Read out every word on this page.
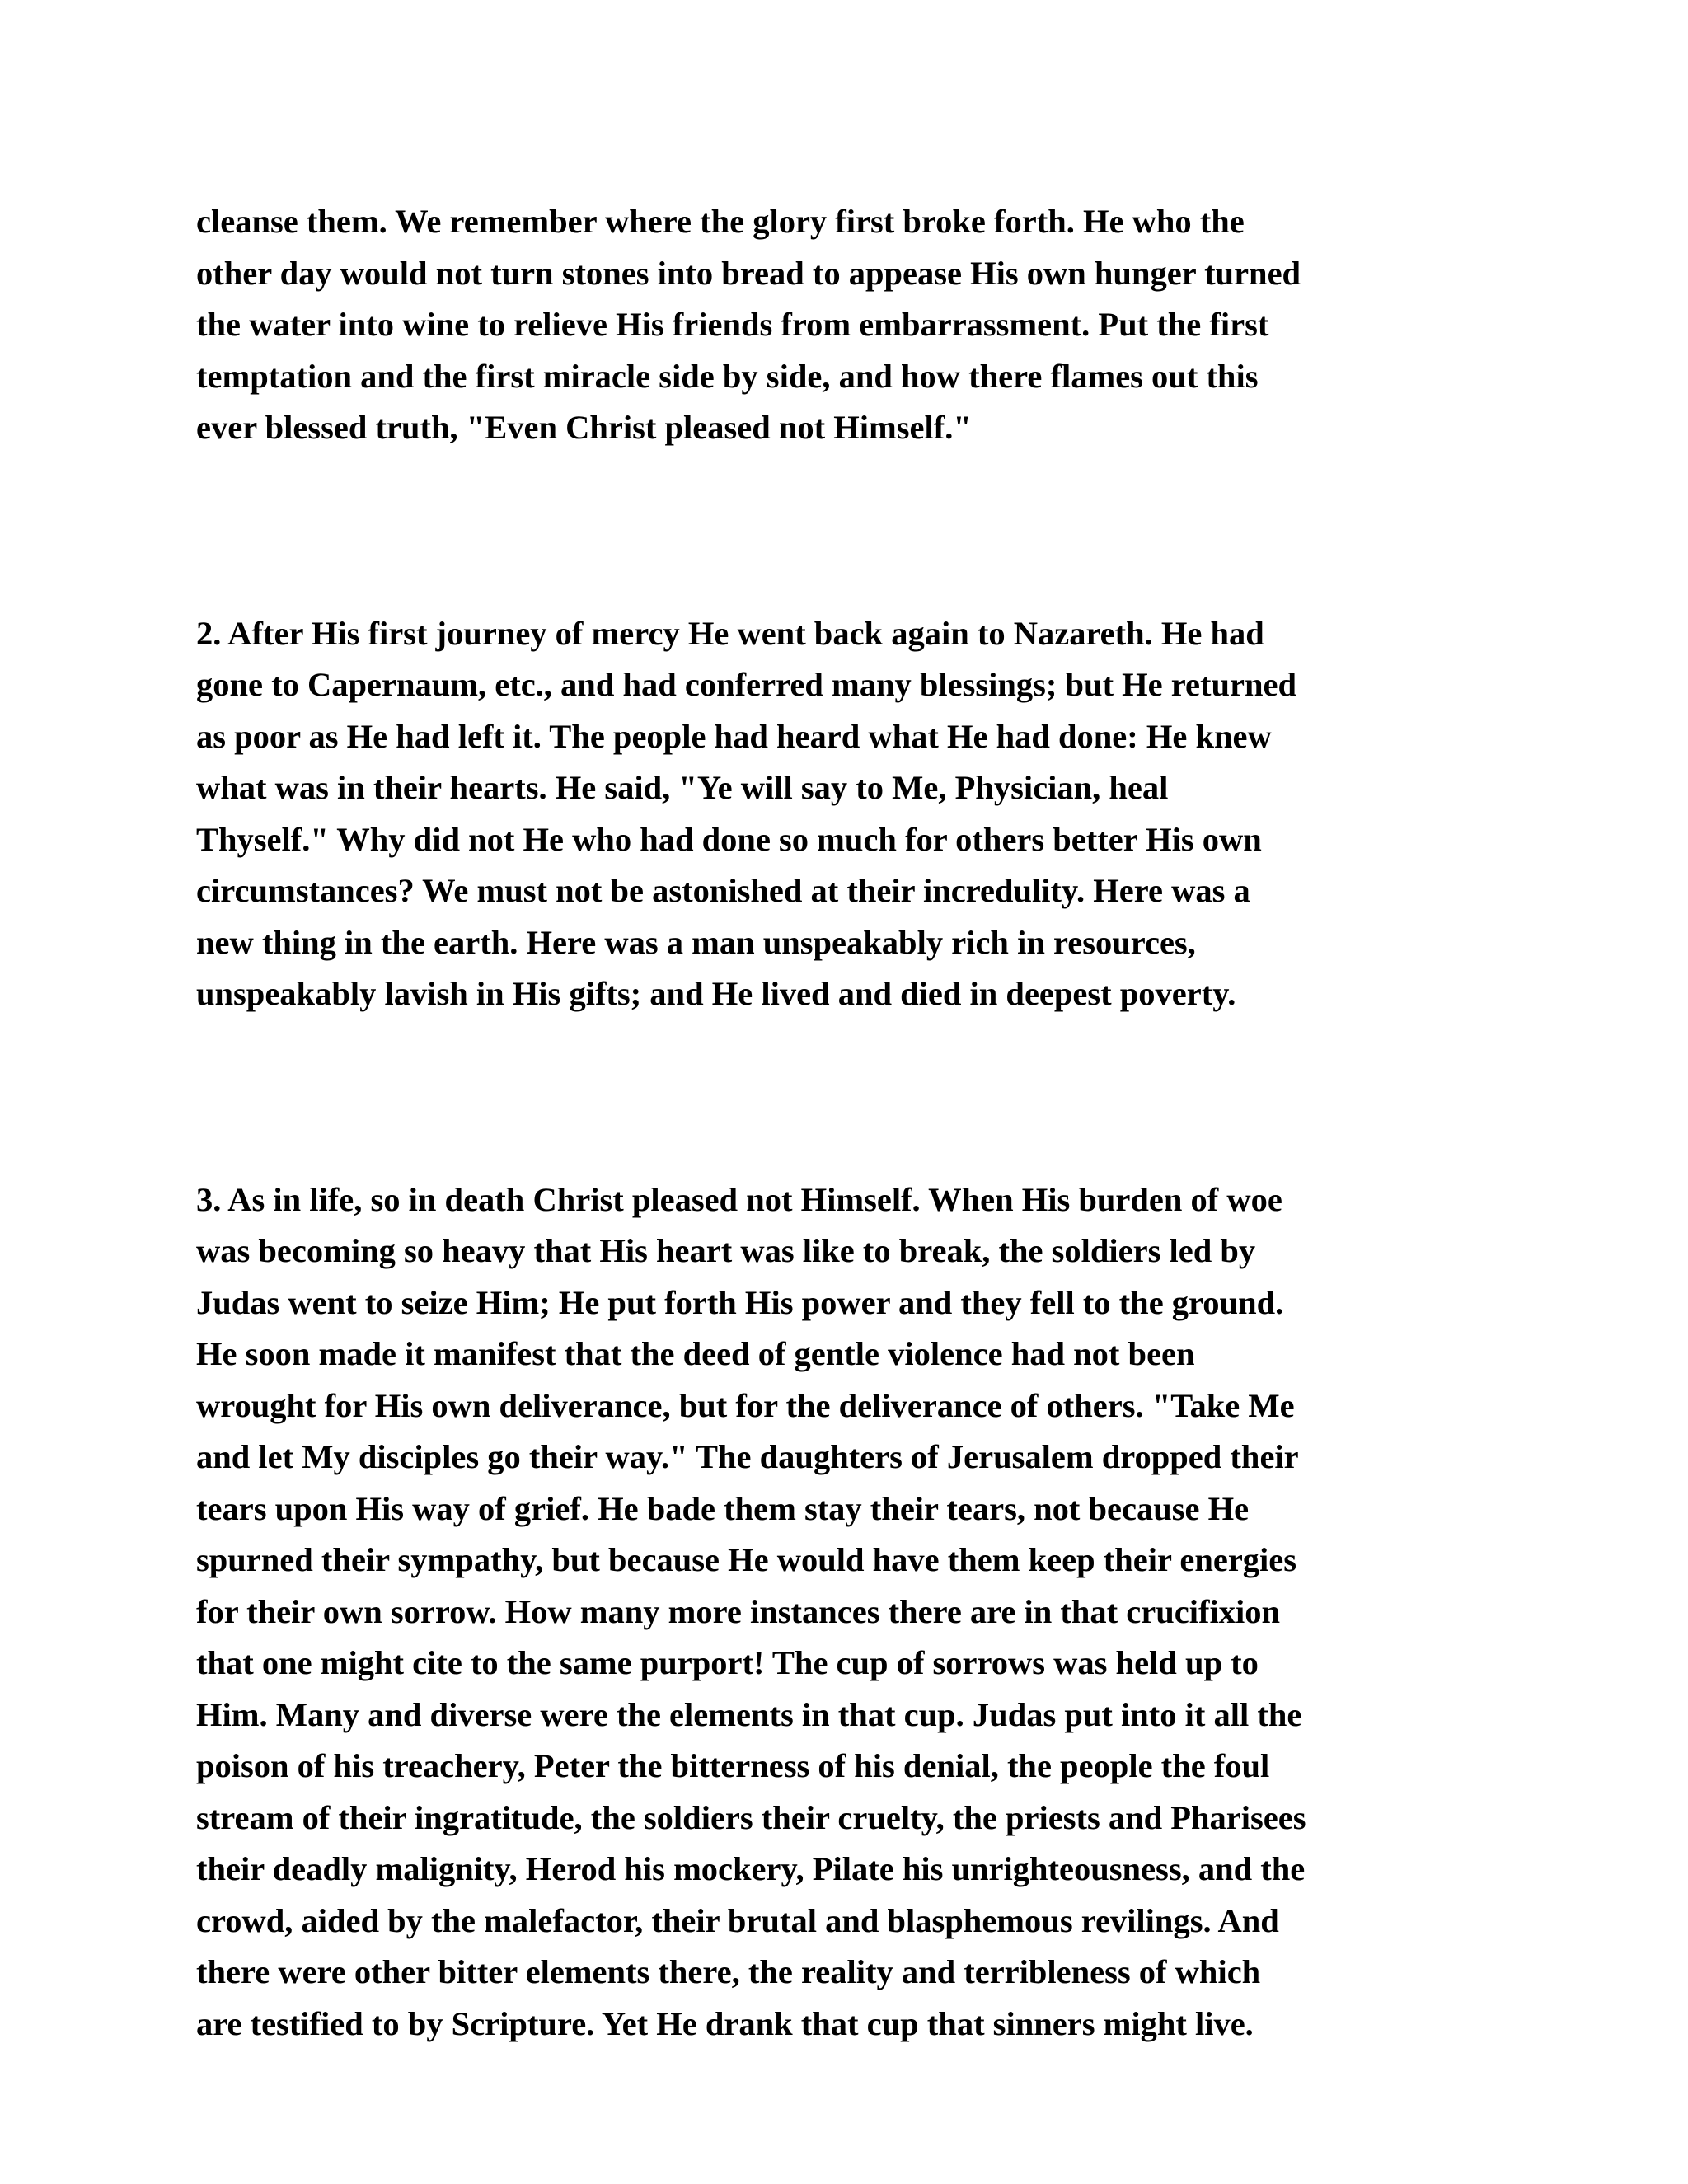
cleanse them. We remember where the glory first broke forth. He who the
other day would not turn stones into bread to appease His own hunger turned
the water into wine to relieve His friends from embarrassment. Put the first
temptation and the first miracle side by side, and how there flames out this
ever blessed truth, "Even Christ pleased not Himself."
2. After His first journey of mercy He went back again to Nazareth. He had
gone to Capernaum, etc., and had conferred many blessings; but He returned
as poor as He had left it. The people had heard what He had done: He knew
what was in their hearts. He said, "Ye will say to Me, Physician, heal
Thyself." Why did not He who had done so much for others better His own
circumstances? We must not be astonished at their incredulity. Here was a
new thing in the earth. Here was a man unspeakably rich in resources,
unspeakably lavish in His gifts; and He lived and died in deepest poverty.
3. As in life, so in death Christ pleased not Himself. When His burden of woe
was becoming so heavy that His heart was like to break, the soldiers led by
Judas went to seize Him; He put forth His power and they fell to the ground.
He soon made it manifest that the deed of gentle violence had not been
wrought for His own deliverance, but for the deliverance of others. "Take Me
and let My disciples go their way." The daughters of Jerusalem dropped their
tears upon His way of grief. He bade them stay their tears, not because He
spurned their sympathy, but because He would have them keep their energies
for their own sorrow. How many more instances there are in that crucifixion
that one might cite to the same purport! The cup of sorrows was held up to
Him. Many and diverse were the elements in that cup. Judas put into it all the
poison of his treachery, Peter the bitterness of his denial, the people the foul
stream of their ingratitude, the soldiers their cruelty, the priests and Pharisees
their deadly malignity, Herod his mockery, Pilate his unrighteousness, and the
crowd, aided by the malefactor, their brutal and blasphemous revilings. And
there were other bitter elements there, the reality and terribleness of which
are testified to by Scripture. Yet He drank that cup that sinners might live.
